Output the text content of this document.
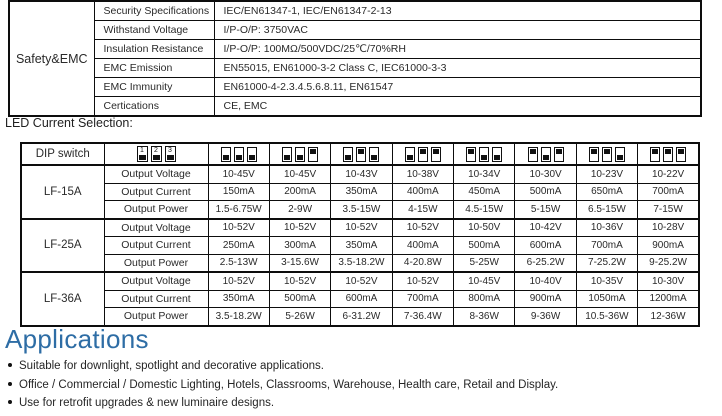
Safety&EMC	Security Specifications	IEC/EN61347-1, IEC/EN61347-2-13
	Withstand Voltage	I/P-O/P: 3750VAC
	Insulation Resistance	I/P-O/P: 100MΩ/500VDC/25℃/70%RH
	EMC Emission	EN55015, EN61000-3-2 Class C, IEC61000-3-3
	EMC Immunity	EN61000-4-2.3.4.5.6.8.11, EN61547
	Certications	CE, EMC
LED Current Selection:
DIP switch	1 2 3								

LF-15A	Output Voltage	10-45V	10-45V	10-43V	10-38V	10-34V	10-30V	10-23V	10-22V
	Output Current	150mA	200mA	350mA	400mA	450mA	500mA	650mA	700mA
	Output Power	1.5-6.75W	2-9W	3.5-15W	4-15W	4.5-15W	5-15W	6.5-15W	7-15W
LF-25A	Output Voltage	10-52V	10-52V	10-52V	10-52V	10-50V	10-42V	10-36V	10-28V
	Output Current	250mA	300mA	350mA	400mA	500mA	600mA	700mA	900mA
	Output Power	2.5-13W	3-15.6W	3.5-18.2W	4-20.8W	5-25W	6-25.2W	7-25.2W	9-25.2W
LF-36A	Output Voltage	10-52V	10-52V	10-52V	10-52V	10-45V	10-40V	10-35V	10-30V
	Output Current	350mA	500mA	600mA	700mA	800mA	900mA	1050mA	1200mA
	Output Power	3.5-18.2W	5-26W	6-31.2W	7-36.4W	8-36W	9-36W	10.5-36W	12-36W
Applications
Suitable for downlight, spotlight and decorative applications.
Office / Commercial / Domestic Lighting, Hotels, Classrooms, Warehouse, Health care, Retail and Display.
Use for retrofit upgrades & new luminaire designs.
